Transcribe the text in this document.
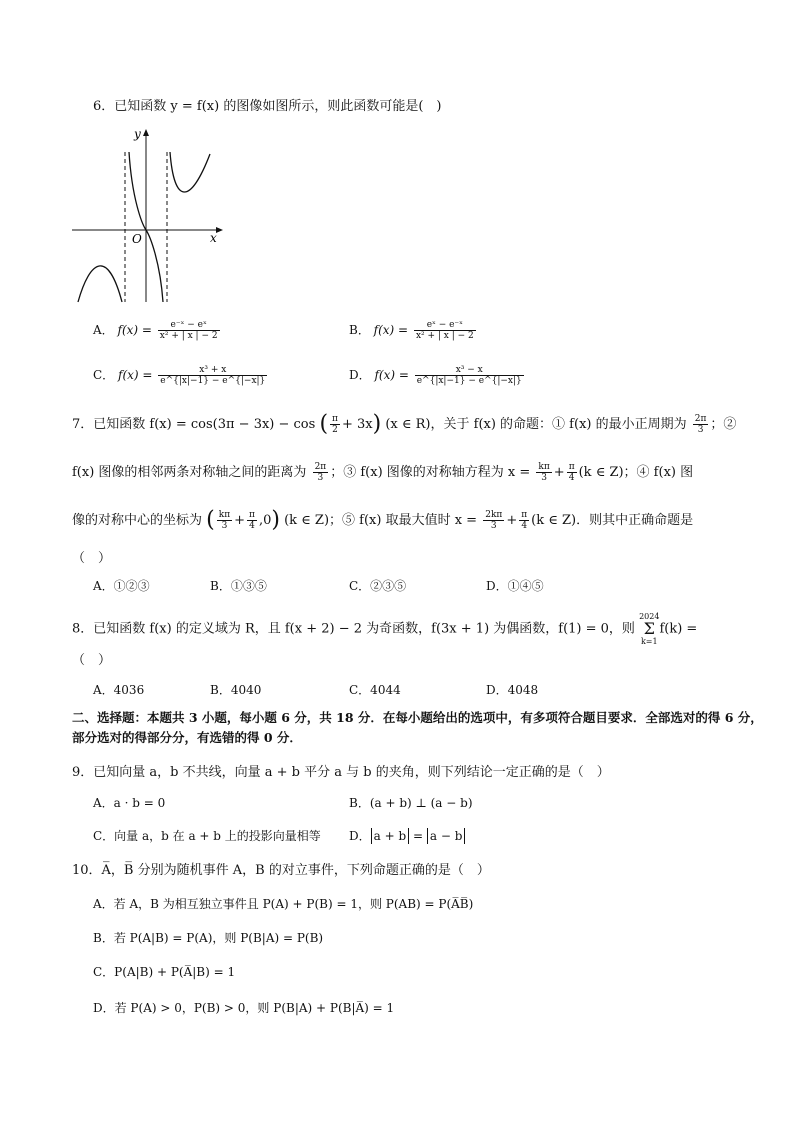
6．已知函数 y = f(x) 的图像如图所示，则此函数可能是(　)
y
x
O
A． $f(x) = \frac{\text{e⁻ˣ − eˣ}}{\text{x² + | x | − 2}}$	B． $f(x) = \frac{\text{eˣ − e⁻ˣ}}{\text{x² + | x | − 2}}$
C． $f(x) = \frac{\text{x³ + x}}{e\^{}\{|x|-1\} - e\^{}\{|-x|\}}$	D． $f(x) = \frac{\text{x³ − x}}{e\^{}\{|x|-1\} - e\^{}\{|-x|\}}$
7．已知函数 f(x) = cos(3π − 3x) − cos ( $\frac{\pi}{2} + 3x$) (x ∈ R)，关于 f(x) 的命题：① f(x) 的最小正周期为 $\frac{2\pi}{3}$ ；②
f(x) 图像的相邻两条对称轴之间的距离为 $\frac{2\pi}{3}$ ；③ f(x) 图像的对称轴方程为 $x = \frac{k\pi}{3} + \frac{\pi}{4} (k$ ∈ Z)；④ f(x) 图
像的对称中心的坐标为 ( $\frac{k\pi}{3} + \frac{\pi}{4} ,0$) (k ∈ Z)；⑤ f(x) 取最大值时 $x = \frac{2k\pi}{3} + \frac{\pi}{4} (k$ ∈ Z)．则其中正确命题是
（　）
A．①②③	B．①③⑤	C．②③⑤	D．①④⑤
8．已知函数 f(x) 的定义域为 R，且 f(x + 2) − 2 为奇函数，f(3x + 1) 为偶函数，f(1) = 0，则 2024
Σ
k=1f(k) =
（　）
A．4036	B．4040	C．4044	D．4048
二、选择题：本题共 3 小题，每小题 6 分，共 18 分．在每小题给出的选项中，有多项符合题目要求．全部选对的得 6 分，部分选对的得部分分，有选错的得 0 分．
9．已知向量 a，b 不共线，向量 a + b 平分 a 与 b 的夹角，则下列结论一定正确的是（　）
A．a · b = 0	B．(a + b) ⊥ (a − b)
C．向量 a，b 在 a + b 上的投影向量相等 D． a + b = a − b
10．A̅，B̅ 分别为随机事件 A，B 的对立事件，下列命题正确的是（　）
A．若 A，B 为相互独立事件且 P(A) + P(B) = 1，则 P(AB) = P(A̅B̅)
B．若 P(A|B) = P(A)，则 P(B|A) = P(B)
C．P(A|B) + P(A̅|B) = 1
D．若 P(A) > 0，P(B) > 0，则 P(B|A) + P(B|A̅) = 1
